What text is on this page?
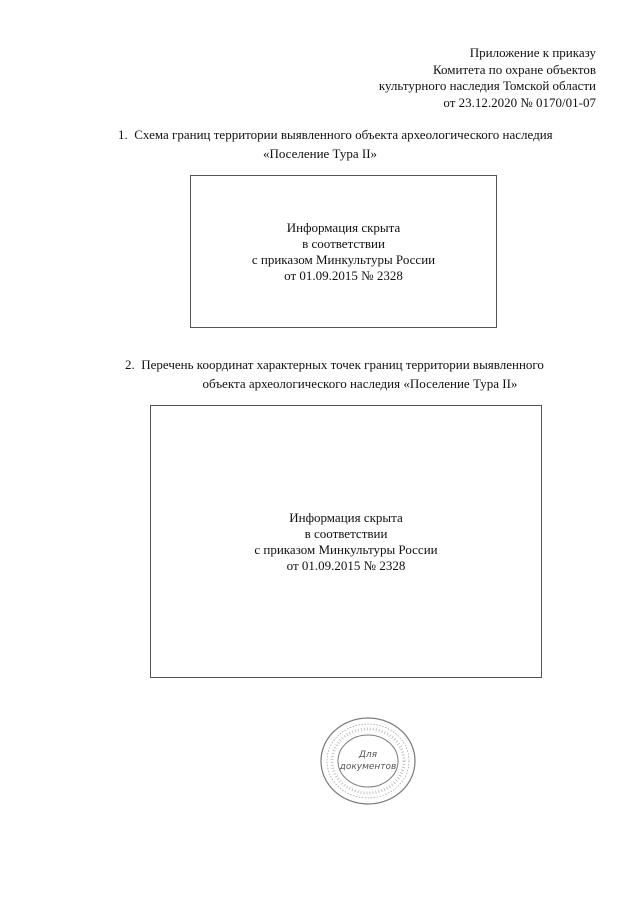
Приложение к приказу
Комитета по охране объектов
культурного наследия Томской области
от 23.12.2020 № 0170/01-07
1. Схема границ территории выявленного объекта археологического наследия
«Поселение Тура II»
Информация скрыта
в соответствии
с приказом Минкультуры России
от 01.09.2015 № 2328
2. Перечень координат характерных точек границ территории выявленного
объекта археологического наследия «Поселение Тура II»
Информация скрыта
в соответствии
с приказом Минкультуры России
от 01.09.2015 № 2328
Для
документов
